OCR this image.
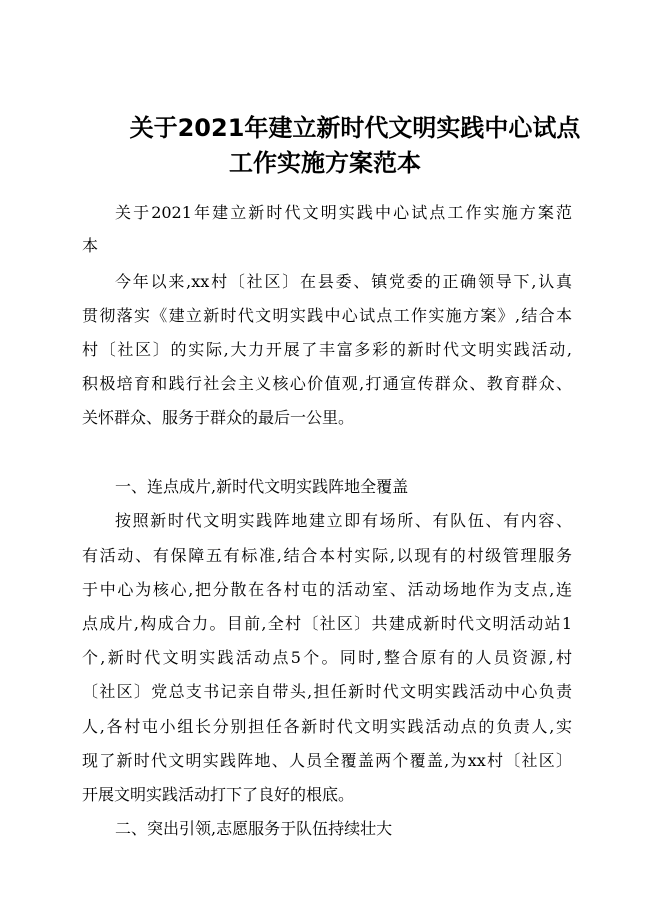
关于2021年建立新时代文明实践中心试点
工作实施方案范本
关于2021年建立新时代文明实践中心试点工作实施方案范
本
今年以来,xx村〔社区〕在县委、镇党委的正确领导下,认真
贯彻落实《建立新时代文明实践中心试点工作实施方案》,结合本
村〔社区〕的实际,大力开展了丰富多彩的新时代文明实践活动,
积极培育和践行社会主义核心价值观,打通宣传群众、教育群众、
关怀群众、服务于群众的最后一公里。
一、连点成片,新时代文明实践阵地全覆盖
按照新时代文明实践阵地建立即有场所、有队伍、有内容、
有活动、有保障五有标准,结合本村实际,以现有的村级管理服务
于中心为核心,把分散在各村屯的活动室、活动场地作为支点,连
点成片,构成合力。目前,全村〔社区〕共建成新时代文明活动站1
个,新时代文明实践活动点5个。同时,整合原有的人员资源,村
〔社区〕党总支书记亲自带头,担任新时代文明实践活动中心负责
人,各村屯小组长分别担任各新时代文明实践活动点的负责人,实
现了新时代文明实践阵地、人员全覆盖两个覆盖,为xx村〔社区〕
开展文明实践活动打下了良好的根底。
二、突出引领,志愿服务于队伍持续壮大
